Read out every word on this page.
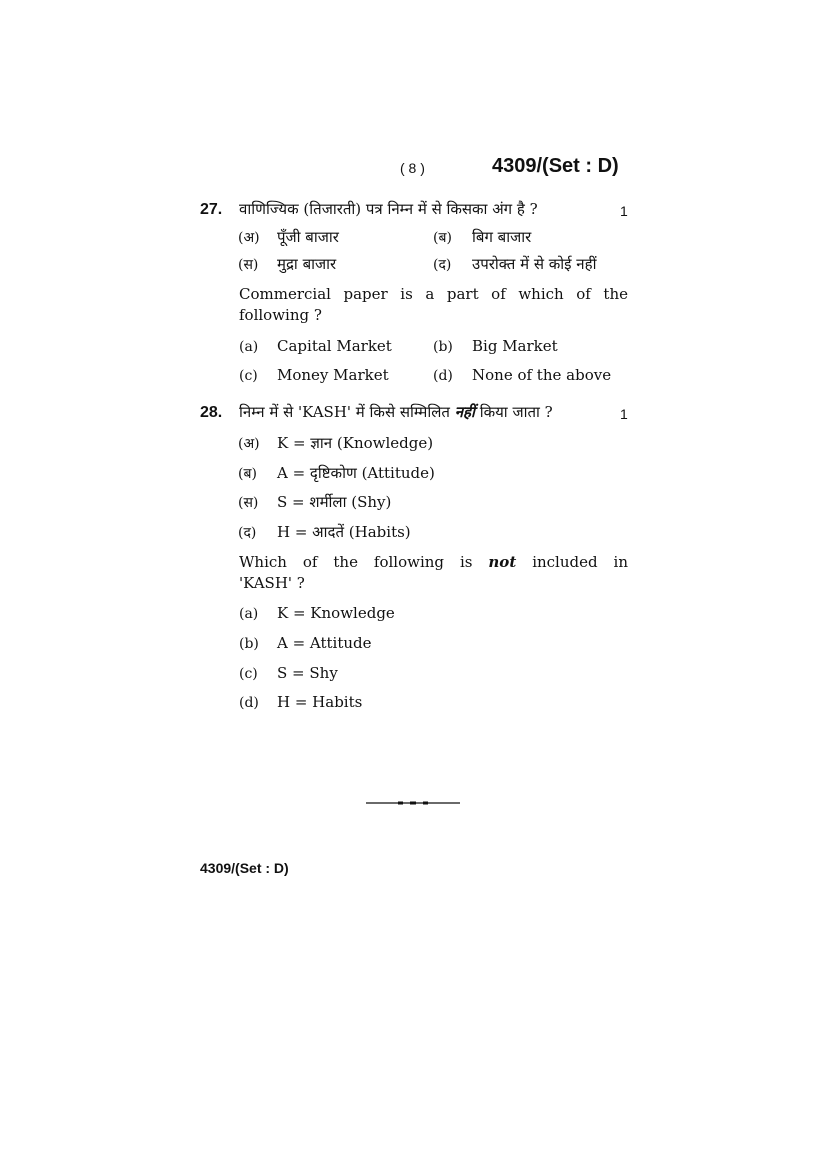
( 8 )	4309/(Set : D)
27. वाणिज्यिक (तिजारती) पत्र निम्न में से किसका अंग है ?	1
(अ) पूँजी बाजार	(ब) बिग बाजार
(स) मुद्रा बाजार	(द) उपरोक्त में से कोई नहीं
Commercial paper is a part of which of the
following ?
(a) Capital Market	(b) Big Market
(c) Money Market	(d) None of the above
28. निम्न में से 'KASH' में किसे सम्मिलित नहीं किया जाता ?	1
(अ) K = ज्ञान (Knowledge)
(ब) A = दृष्टिकोण (Attitude)
(स) S = शर्मीला (Shy)
(द) H = आदतें (Habits)
Which of the following is not included in
'KASH' ?
(a) K = Knowledge
(b) A = Attitude
(c) S = Shy
(d) H = Habits
4309/(Set : D)
